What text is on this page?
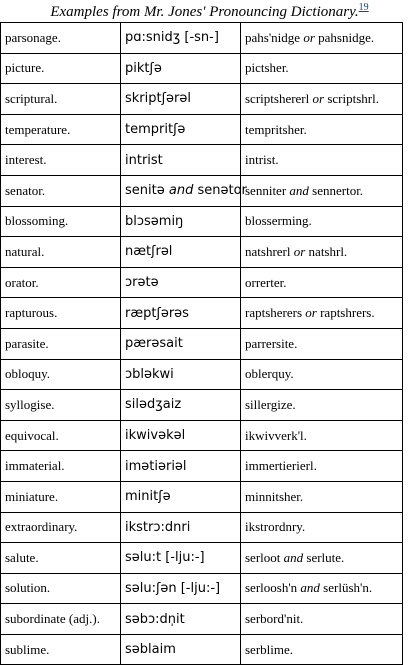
Examples from Mr. Jones' Pronouncing Dictionary.$^{19}$
parsonage.	pɑ:snidʒ [-sn-]	pahs'nidge or pahsnidge.
picture.	piktʃə	pictsher.
scriptural.	skriptʃərəl	scriptshererl or scriptshrl.
temperature.	tempritʃə	tempritsher.
interest.	intrist	intrist.
senator.	senitə and senətor	senniter and sennertor.
blossoming.	blɔsəmiŋ	blosserming.
natural.	nætʃrəl	natshrerl or natshrl.
orator.	ɔrətə	orrerter.
rapturous.	ræptʃərəs	raptsherers or raptshrers.
parasite.	pærəsait	parrersite.
obloquy.	ɔbləkwi	oblerquy.
syllogise.	silədʒaiz	sillergize.
equivocal.	ikwivəkəl	ikwivverk'l.
immaterial.	imətiəriəl	immertierierl.
miniature.	minitʃə	minnitsher.
extraordinary.	ikstrɔ:dnri	ikstrordnry.
salute.	səlu:t [-lju:-]	serloot and serlute.
solution.	səlu:ʃən [-lju:-]	serloosh'n and serlüsh'n.
subordinate (adj.).	səbɔ:dn̩it	serbord'nit.
sublime.	səblaim	serblime.
